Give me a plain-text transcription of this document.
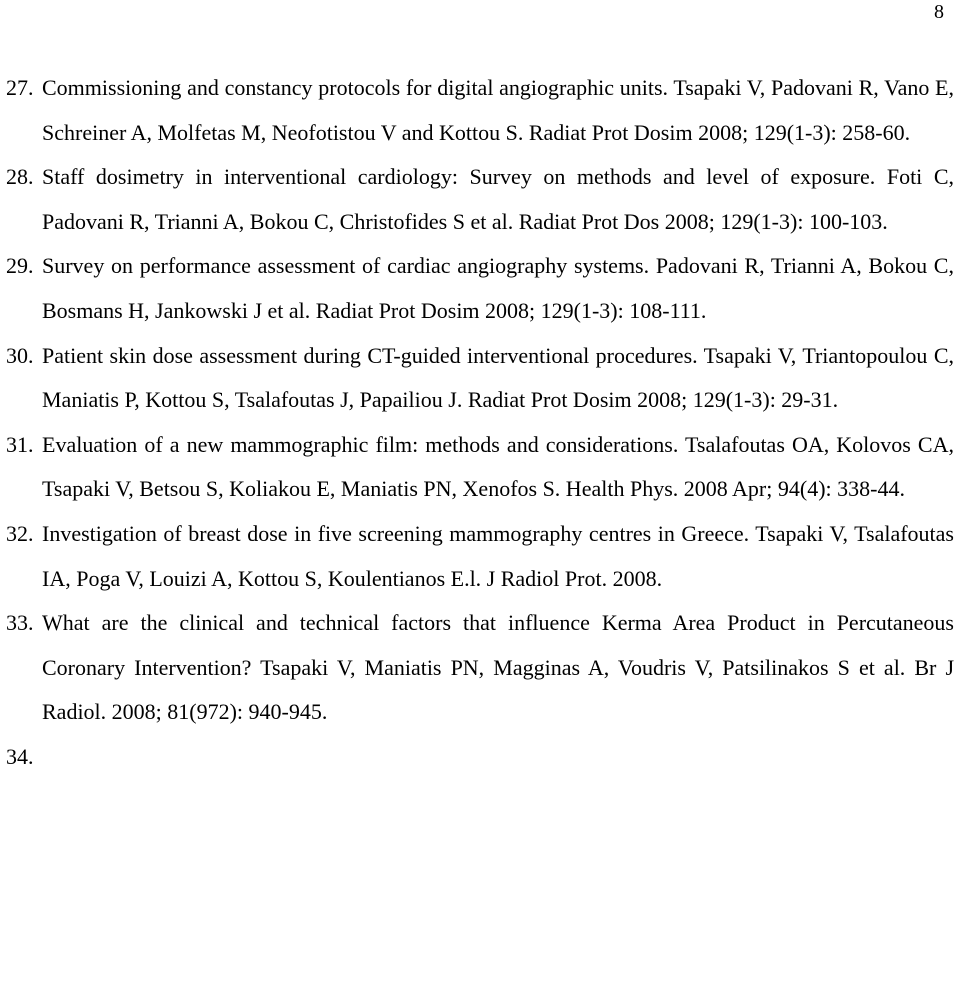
8
27. Commissioning and constancy protocols for digital angiographic units. Tsapaki V, Padovani R, Vano E, Schreiner A, Molfetas M, Neofotistou V and Kottou S. Radiat Prot Dosim 2008; 129(1-3): 258-60.
28. Staff dosimetry in interventional cardiology: Survey on methods and level of exposure. Foti C, Padovani R, Trianni A, Bokou C, Christofides S et al. Radiat Prot Dos 2008; 129(1-3): 100-103.
29. Survey on performance assessment of cardiac angiography systems. Padovani R, Trianni A, Bokou C, Bosmans H, Jankowski J et al. Radiat Prot Dosim 2008; 129(1-3): 108-111.
30. Patient skin dose assessment during CT-guided interventional procedures. Tsapaki V, Triantopoulou C, Maniatis P, Kottou S, Tsalafoutas J, Papailiou J. Radiat Prot Dosim 2008; 129(1-3): 29-31.
31. Evaluation of a new mammographic film: methods and considerations. Tsalafoutas OA, Kolovos CA, Tsapaki V, Betsou S, Koliakou E, Maniatis PN, Xenofos S. Health Phys. 2008 Apr; 94(4): 338-44.
32. Investigation of breast dose in five screening mammography centres in Greece. Tsapaki V, Tsalafoutas IA, Poga V, Louizi A, Kottou S, Koulentianos E.l. J Radiol Prot. 2008.
33. What are the clinical and technical factors that influence Kerma Area Product in Percutaneous Coronary Intervention? Tsapaki V, Maniatis PN, Magginas A, Voudris V, Patsilinakos S et al. Br J Radiol. 2008; 81(972): 940-945.
34.
